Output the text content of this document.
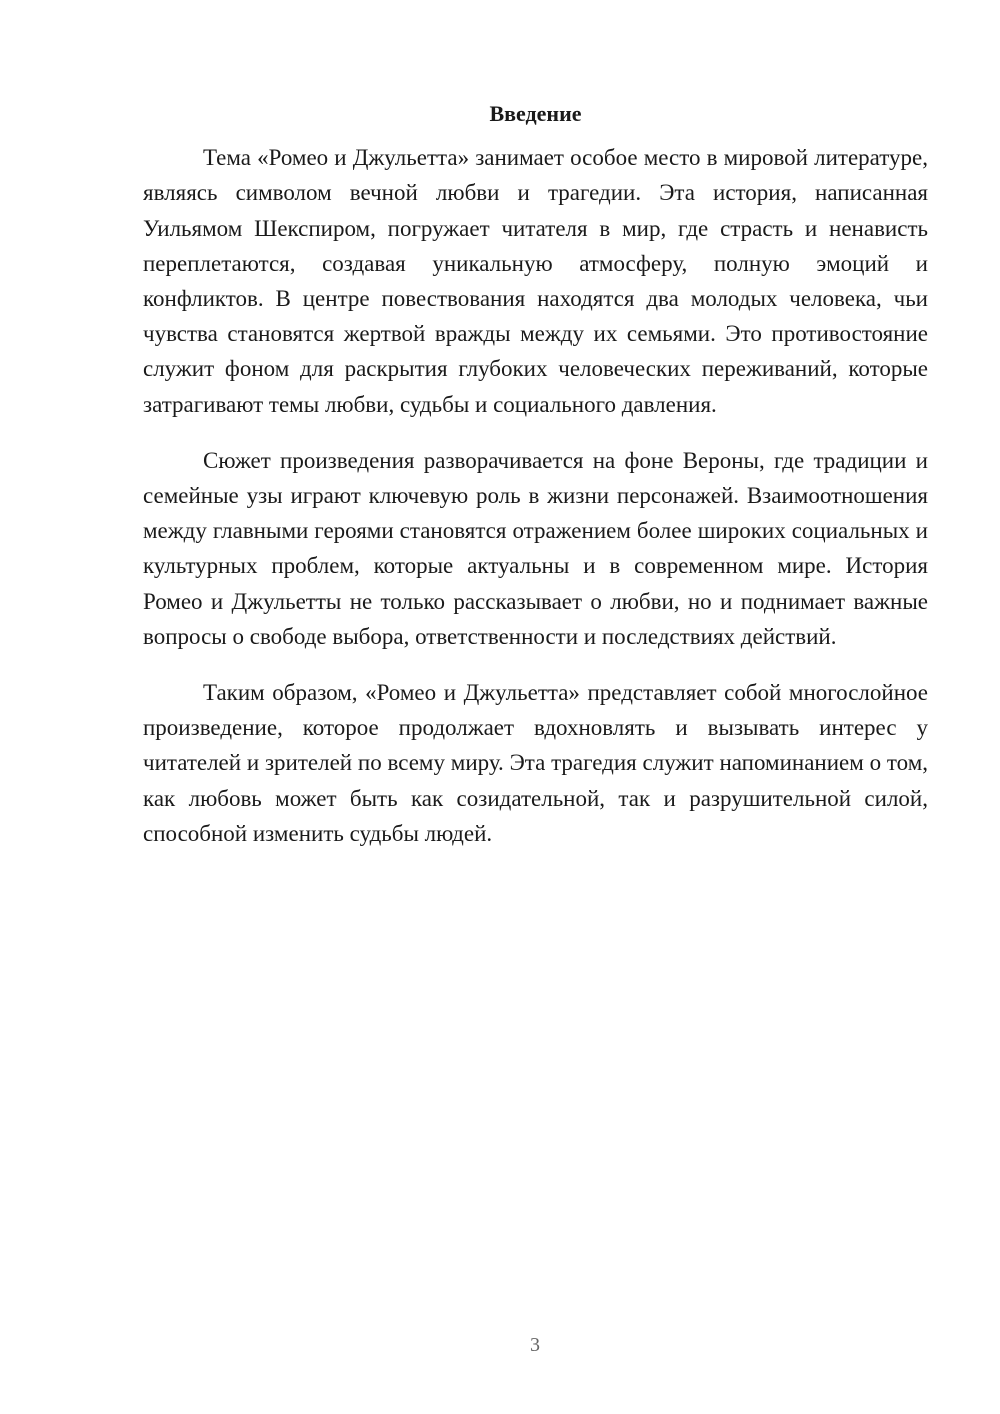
Введение

Тема «Ромео и Джульетта» занимает особое место в мировой литературе, являясь символом вечной любви и трагедии. Эта история, написанная Уильямом Шекспиром, погружает читателя в мир, где страсть и ненависть переплетаются, создавая уникальную атмосферу, полную эмоций и конфликтов. В центре повествования находятся два молодых человека, чьи чувства становятся жертвой вражды между их семьями. Это противостояние служит фоном для раскрытия глубоких человеческих переживаний, которые затрагивают темы любви, судьбы и социального давления.

Сюжет произведения разворачивается на фоне Вероны, где традиции и семейные узы играют ключевую роль в жизни персонажей. Взаимоотношения между главными героями становятся отражением более широких социальных и культурных проблем, которые актуальны и в современном мире. История Ромео и Джульетты не только рассказывает о любви, но и поднимает важные вопросы о свободе выбора, ответственности и последствиях действий.

Таким образом, «Ромео и Джульетта» представляет собой многослойное произведение, которое продолжает вдохновлять и вызывать интерес у читателей и зрителей по всему миру. Эта трагедия служит напоминанием о том, как любовь может быть как созидательной, так и разрушительной силой, способной изменить судьбы людей.

3
